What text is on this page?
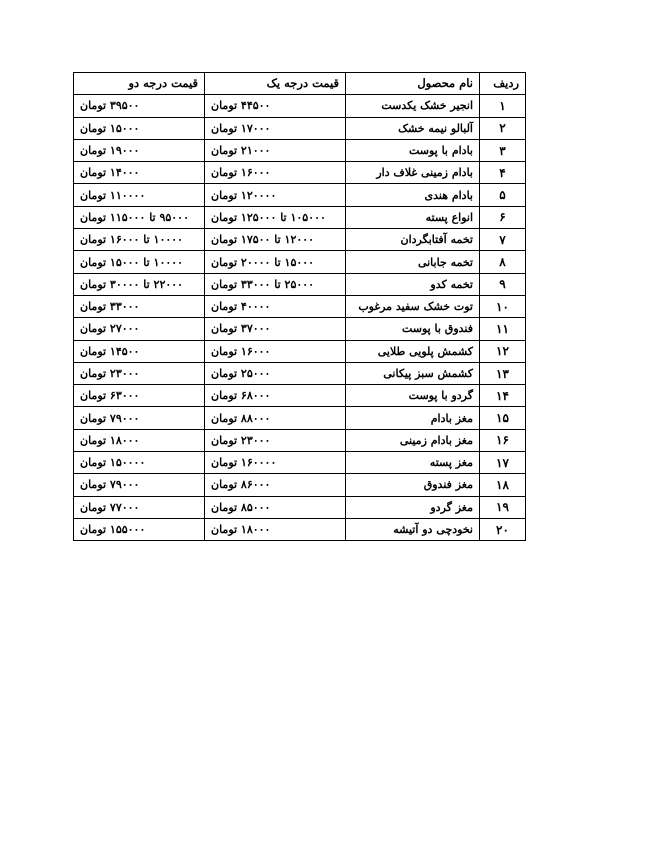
ردیف	نام محصول	قیمت درجه یک	قیمت درجه دو
۱	انجیر خشک یکدست	۴۴۵۰۰ تومان	۳۹۵۰۰ تومان
۲	آلبالو نیمه خشک	۱۷۰۰۰ تومان	۱۵۰۰۰ تومان
۳	بادام با پوست	۲۱۰۰۰ تومان	۱۹۰۰۰ تومان
۴	بادام زمینی غلاف دار	۱۶۰۰۰ تومان	۱۴۰۰۰ تومان
۵	بادام هندی	۱۲۰۰۰۰ تومان	۱۱۰۰۰۰ تومان
۶	انواع پسته	۱۰۵۰۰۰ تا ۱۲۵۰۰۰ تومان	۹۵۰۰۰ تا ۱۱۵۰۰۰ تومان
۷	تخمه آفتابگردان	۱۲۰۰۰ تا ۱۷۵۰۰ تومان	۱۰۰۰۰ تا ۱۶۰۰۰ تومان
۸	تخمه جابانی	۱۵۰۰۰ تا ۲۰۰۰۰ تومان	۱۰۰۰۰ تا ۱۵۰۰۰ تومان
۹	تخمه کدو	۲۵۰۰۰ تا ۳۳۰۰۰ تومان	۲۲۰۰۰ تا ۳۰۰۰۰ تومان
۱۰	توت خشک سفید مرغوب	۴۰۰۰۰ تومان	۳۳۰۰۰ تومان
۱۱	فندوق با پوست	۳۷۰۰۰ تومان	۲۷۰۰۰ تومان
۱۲	کشمش پلویی طلایی	۱۶۰۰۰ تومان	۱۴۵۰۰ تومان
۱۳	کشمش سبز پیکانی	۲۵۰۰۰ تومان	۲۳۰۰۰ تومان
۱۴	گردو با پوست	۶۸۰۰۰ تومان	۶۳۰۰۰ تومان
۱۵	مغز بادام	۸۸۰۰۰ تومان	۷۹۰۰۰ تومان
۱۶	مغز بادام زمینی	۲۳۰۰۰ تومان	۱۸۰۰۰ تومان
۱۷	مغز پسته	۱۶۰۰۰۰ تومان	۱۵۰۰۰۰ تومان
۱۸	مغز فندوق	۸۶۰۰۰ تومان	۷۹۰۰۰ تومان
۱۹	مغز گردو	۸۵۰۰۰ تومان	۷۷۰۰۰ تومان
۲۰	نخودچی دو آتیشه	۱۸۰۰۰ تومان	۱۵۵۰۰۰ تومان
